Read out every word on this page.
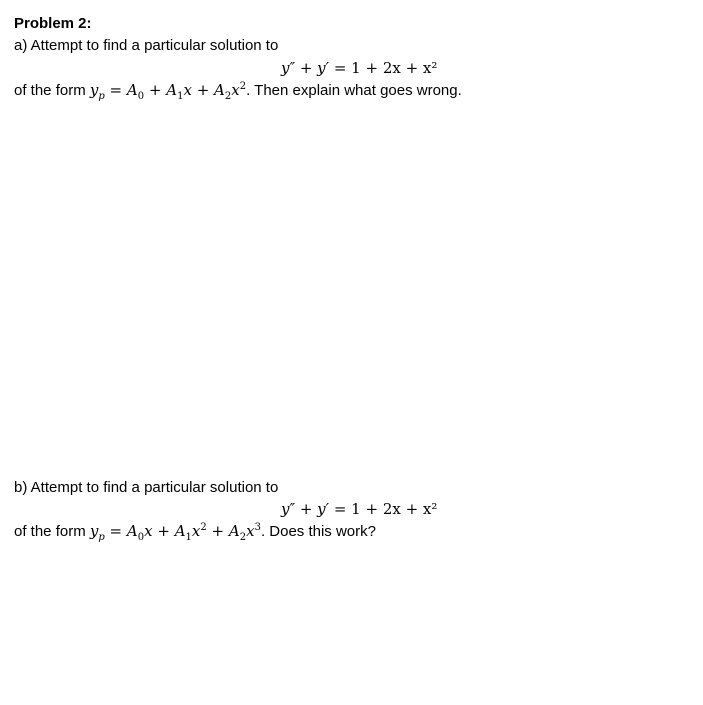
Problem 2:
a) Attempt to find a particular solution to
y″ + y′ = 1 + 2x + x²
of the form $y_p = A_0 + A_1x + A_2x^2$. Then explain what goes wrong.
b) Attempt to find a particular solution to
y″ + y′ = 1 + 2x + x²
of the form $y_p = A_0x + A_1x^2 + A_2x^3$. Does this work?
